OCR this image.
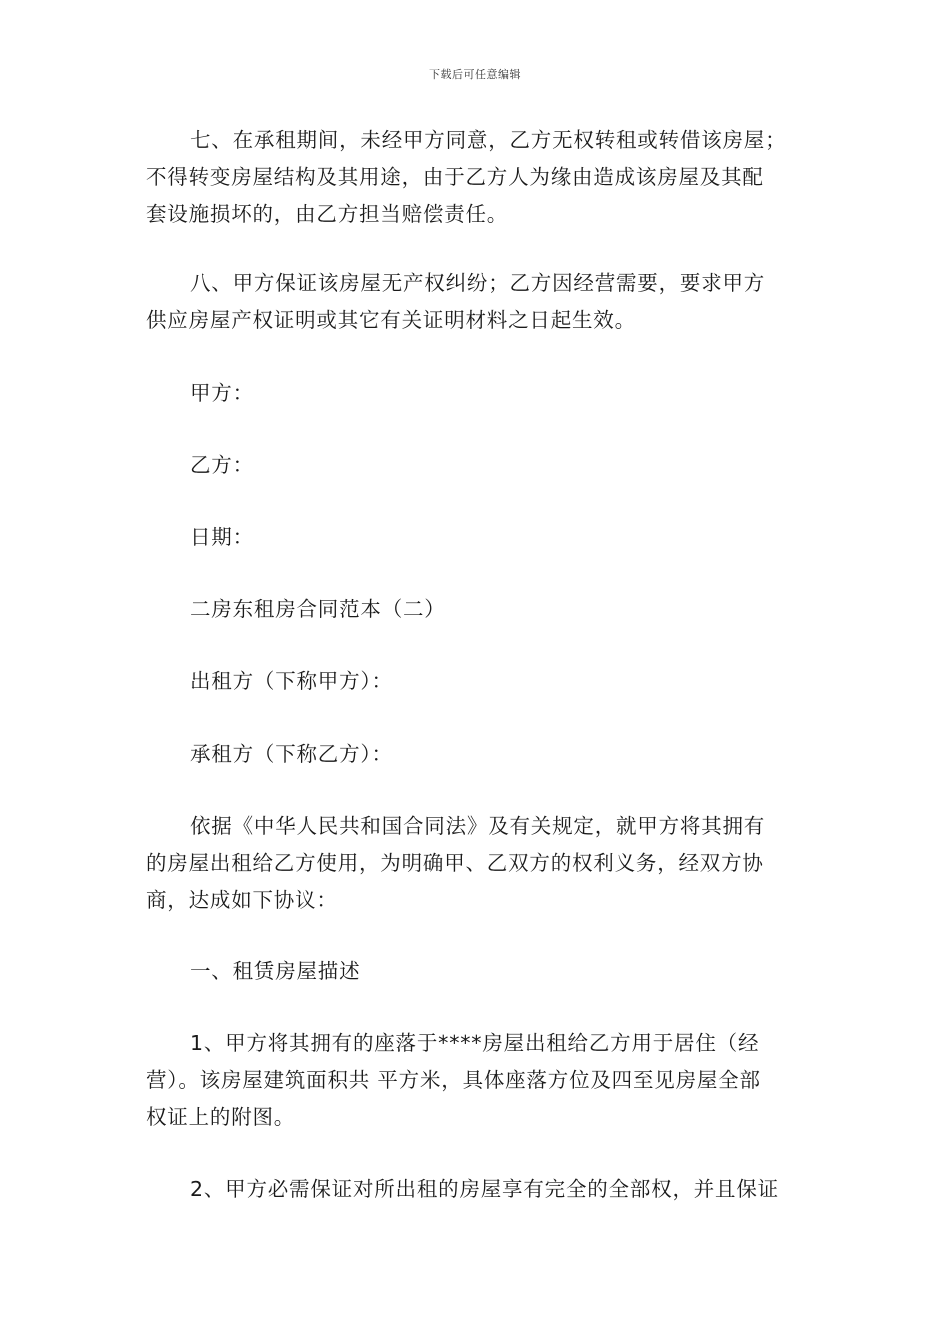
下载后可任意编辑
七、在承租期间，未经甲方同意，乙方无权转租或转借该房屋；
不得转变房屋结构及其用途，由于乙方人为缘由造成该房屋及其配
套设施损坏的，由乙方担当赔偿责任。
八、甲方保证该房屋无产权纠纷；乙方因经营需要，要求甲方
供应房屋产权证明或其它有关证明材料之日起生效。
甲方：
乙方：
日期：
二房东租房合同范本（二）
出租方（下称甲方）：
承租方（下称乙方）：
依据《中华人民共和国合同法》及有关规定，就甲方将其拥有
的房屋出租给乙方使用，为明确甲、乙双方的权利义务，经双方协
商，达成如下协议：
一、租赁房屋描述
1、甲方将其拥有的座落于****房屋出租给乙方用于居住（经
营）。该房屋建筑面积共 平方米，具体座落方位及四至见房屋全部
权证上的附图。
2、甲方必需保证对所出租的房屋享有完全的全部权，并且保证
